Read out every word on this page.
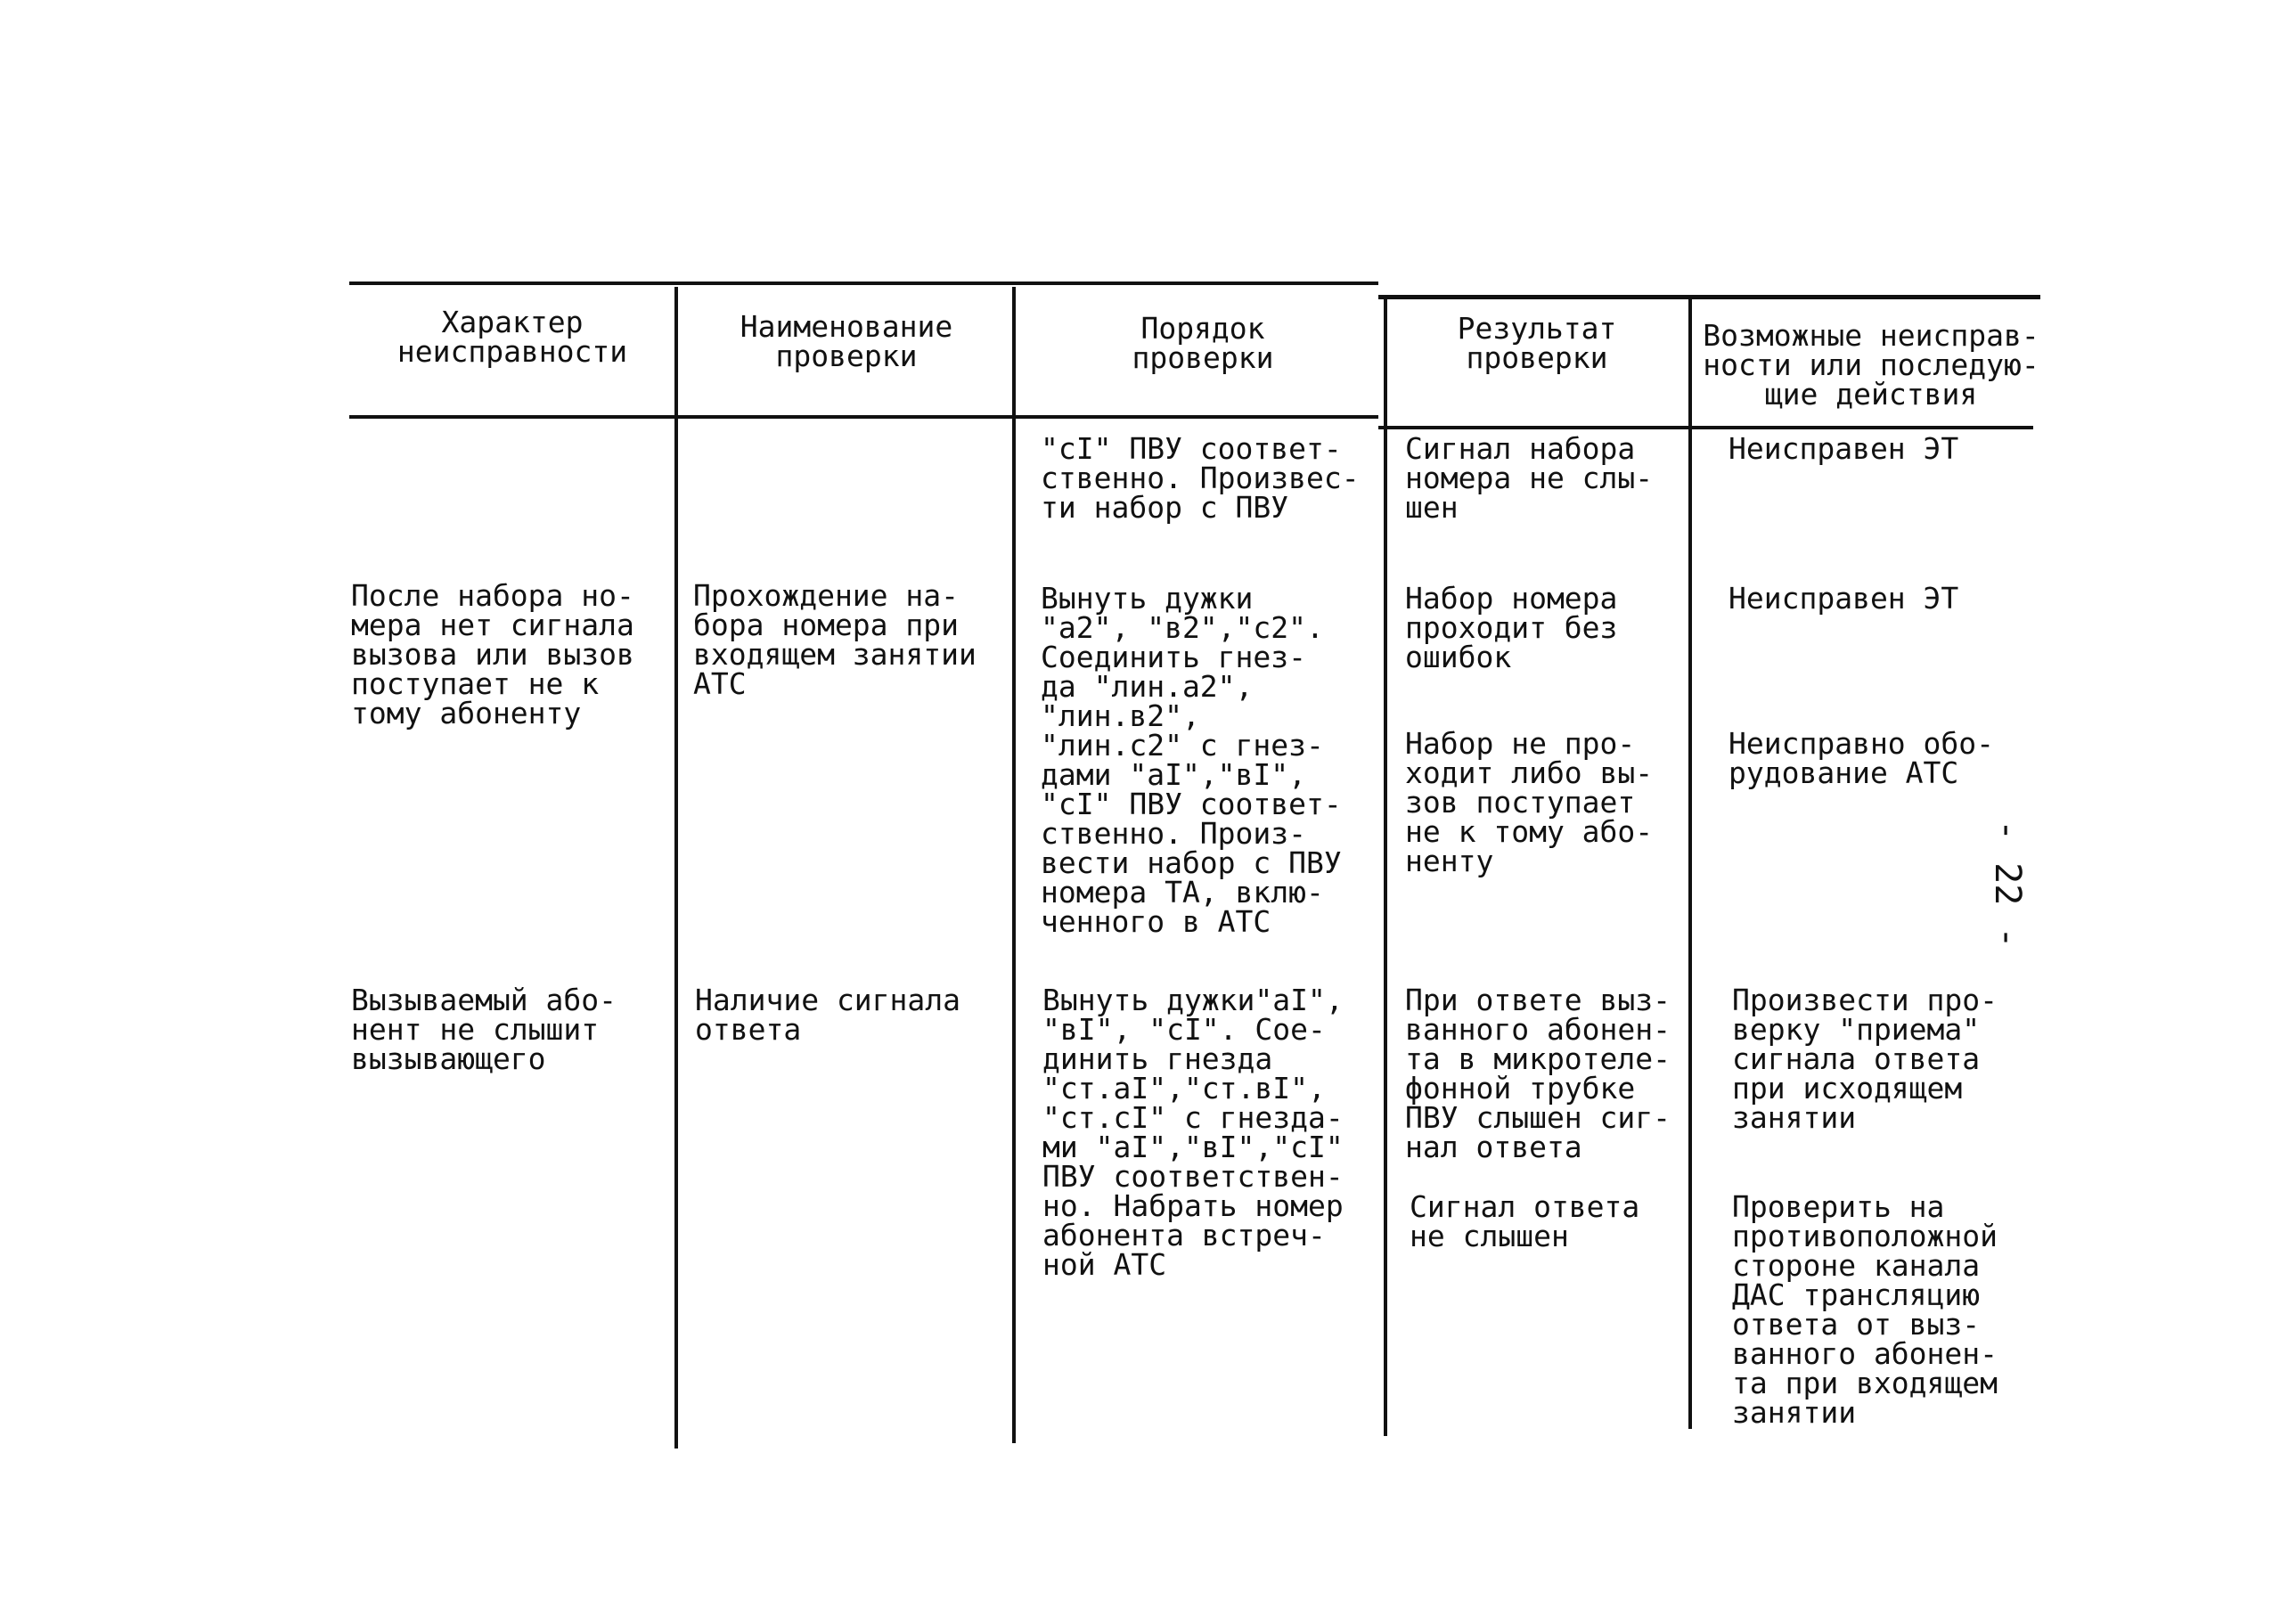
Характер
неисправности
Наименование
проверки
Порядок
проверки
Результат
проверки
Возможные неисправ-
ности или последую-
щие действия
"cI" ПВУ соответ-
ственно. Произвес-
ти набор с ПВУ
Сигнал набора
номера не слы-
шен
Неисправен ЭТ
После набора но-
мера нет сигнала
вызова или вызов
поступает не к
тому абоненту
Прохождение на-
бора номера при
входящем занятии
АТС
Вынуть дужки
"а2", "в2","с2".
Соединить гнез-
да "лин.а2",
"лин.в2",
"лин.с2" с гнез-
дами "аI","вI",
"cI" ПВУ соответ-
ственно. Произ-
вести набор с ПВУ
номера ТА, вклю-
ченного в АТС
Набор номера
проходит без
ошибок
Набор не про-
ходит либо вы-
зов поступает
не к тому або-
ненту
Неисправен ЭТ
Неисправно обо-
рудование АТС
Вызываемый або-
нент не слышит
вызывающего
Наличие сигнала
ответа
Вынуть дужки"аI",
"вI", "cI". Сое-
динить гнезда
"ст.аI","ст.вI",
"ст.cI" с гнезда-
ми "аI","вI","cI"
ПВУ соответствен-
но. Набрать номер
абонента встреч-
ной АТС
При ответе выз-
ванного абонен-
та в микротеле-
фонной трубке
ПВУ слышен сиг-
нал ответа
Сигнал ответа
не слышен
Произвести про-
верку "приема"
сигнала ответа
при исходящем
занятии
Проверить на
противоположной
стороне канала
ДАС трансляцию
ответа от выз-
ванного абонен-
та при входящем
занятии
- 22 -
